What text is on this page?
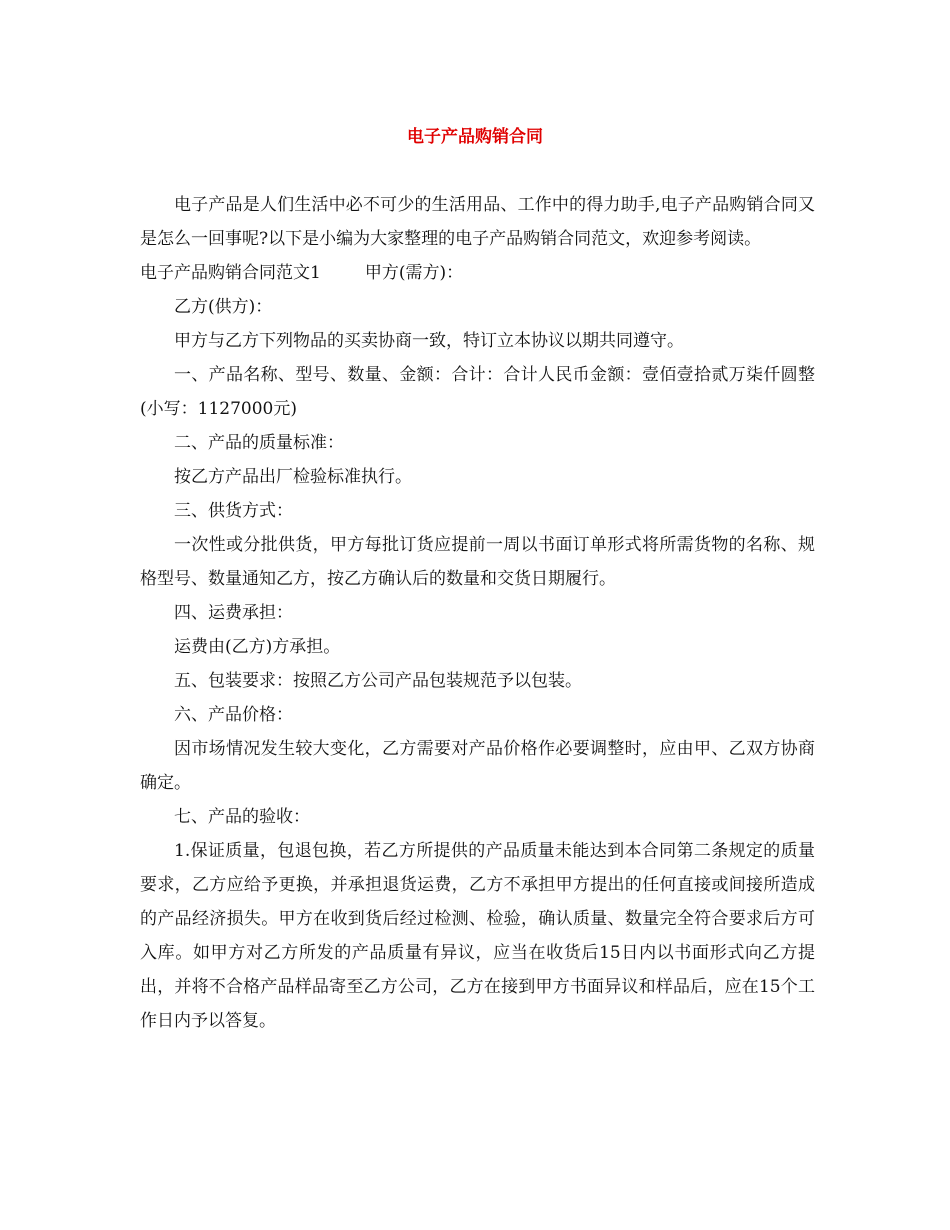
电子产品购销合同

电子产品是人们生活中必不可少的生活用品、工作中的得力助手,电子产品购销合同又是怎么一回事呢?以下是小编为大家整理的电子产品购销合同范文，欢迎参考阅读。

电子产品购销合同范文1	甲方(需方)：

乙方(供方)：

甲方与乙方下列物品的买卖协商一致，特订立本协议以期共同遵守。

一、产品名称、型号、数量、金额：合计：合计人民币金额：壹佰壹拾贰万柒仟圆整(小写：1127000元)

二、产品的质量标准：

按乙方产品出厂检验标准执行。

三、供货方式：

一次性或分批供货，甲方每批订货应提前一周以书面订单形式将所需货物的名称、规格型号、数量通知乙方，按乙方确认后的数量和交货日期履行。

四、运费承担：

运费由(乙方)方承担。

五、包装要求：按照乙方公司产品包装规范予以包装。

六、产品价格：

因市场情况发生较大变化，乙方需要对产品价格作必要调整时，应由甲、乙双方协商确定。

七、产品的验收：

1.保证质量，包退包换，若乙方所提供的产品质量未能达到本合同第二条规定的质量要求，乙方应给予更换，并承担退货运费，乙方不承担甲方提出的任何直接或间接所造成的产品经济损失。甲方在收到货后经过检测、检验，确认质量、数量完全符合要求后方可入库。如甲方对乙方所发的产品质量有异议，应当在收货后15日内以书面形式向乙方提出，并将不合格产品样品寄至乙方公司，乙方在接到甲方书面异议和样品后，应在15个工作日内予以答复。
